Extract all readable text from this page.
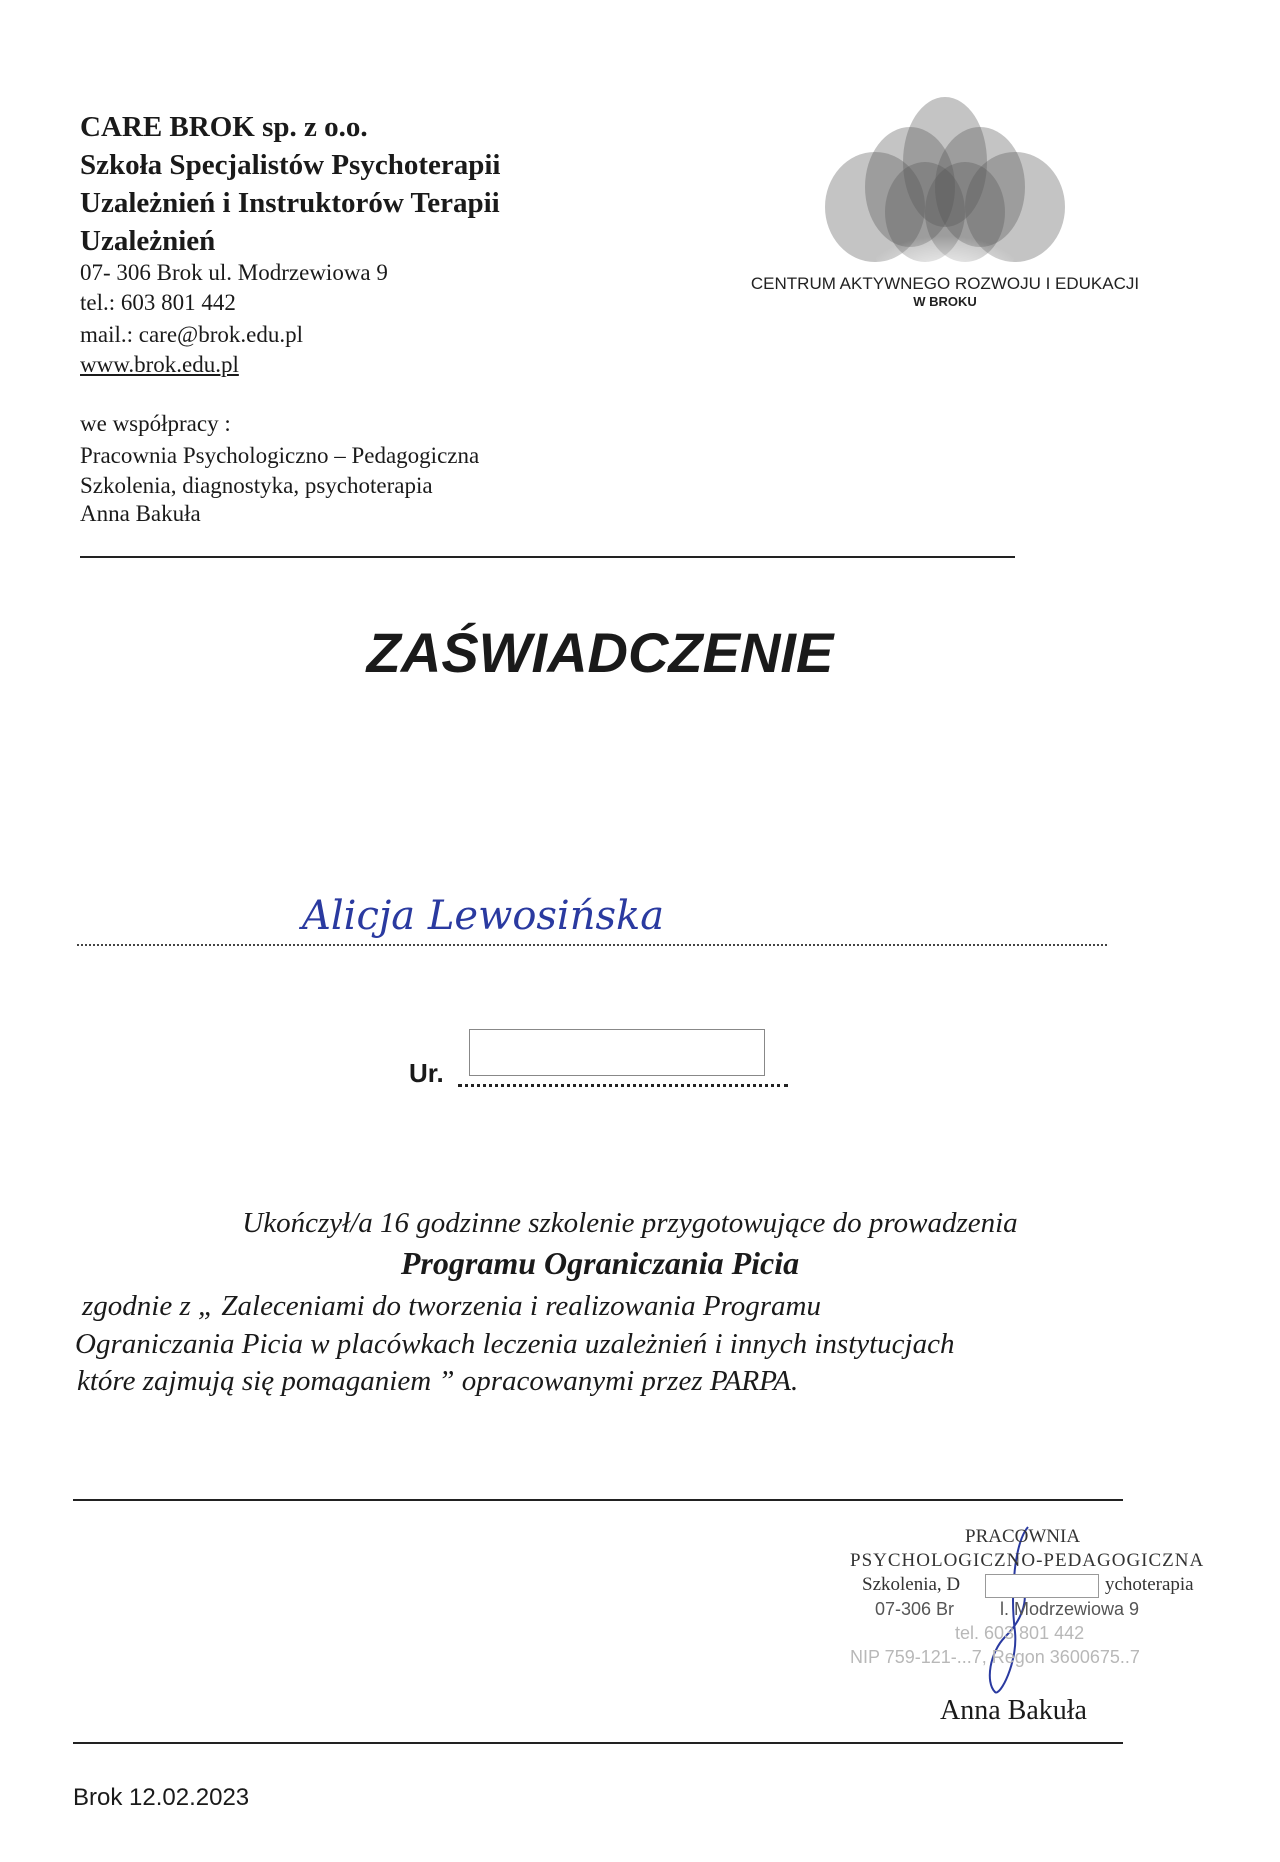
CARE BROK sp. z o.o.
Szkoła Specjalistów Psychoterapii
Uzależnień i Instruktorów Terapii
Uzależnień
07- 306 Brok ul. Modrzewiowa 9
tel.: 603 801 442
mail.: care@brok.edu.pl
www.brok.edu.pl
we współpracy :
Pracownia Psychologiczno – Pedagogiczna
Szkolenia, diagnostyka, psychoterapia
Anna Bakuła
CENTRUM AKTYWNEGO ROZWOJU I EDUKACJI
W BROKU
ZAŚWIADCZENIE
Alicja Lewosińska
Ur.
Ukończył/a 16 godzinne szkolenie przygotowujące do prowadzenia
Programu Ograniczania Picia
zgodnie z „ Zaleceniami do tworzenia i realizowania Programu
Ograniczania Picia w placówkach leczenia uzależnień i innych instytucjach
które zajmują się pomaganiem ” opracowanymi przez PARPA.
PRACOWNIA
PSYCHOLOGICZNO-PEDAGOGICZNA
Szkolenia, D	ychoterapia
07-306 Br	l. Modrzewiowa 9
tel. 603 801 442
NIP 759-121-...7, Regon 3600675..7
Anna Bakuła
Brok 12.02.2023
